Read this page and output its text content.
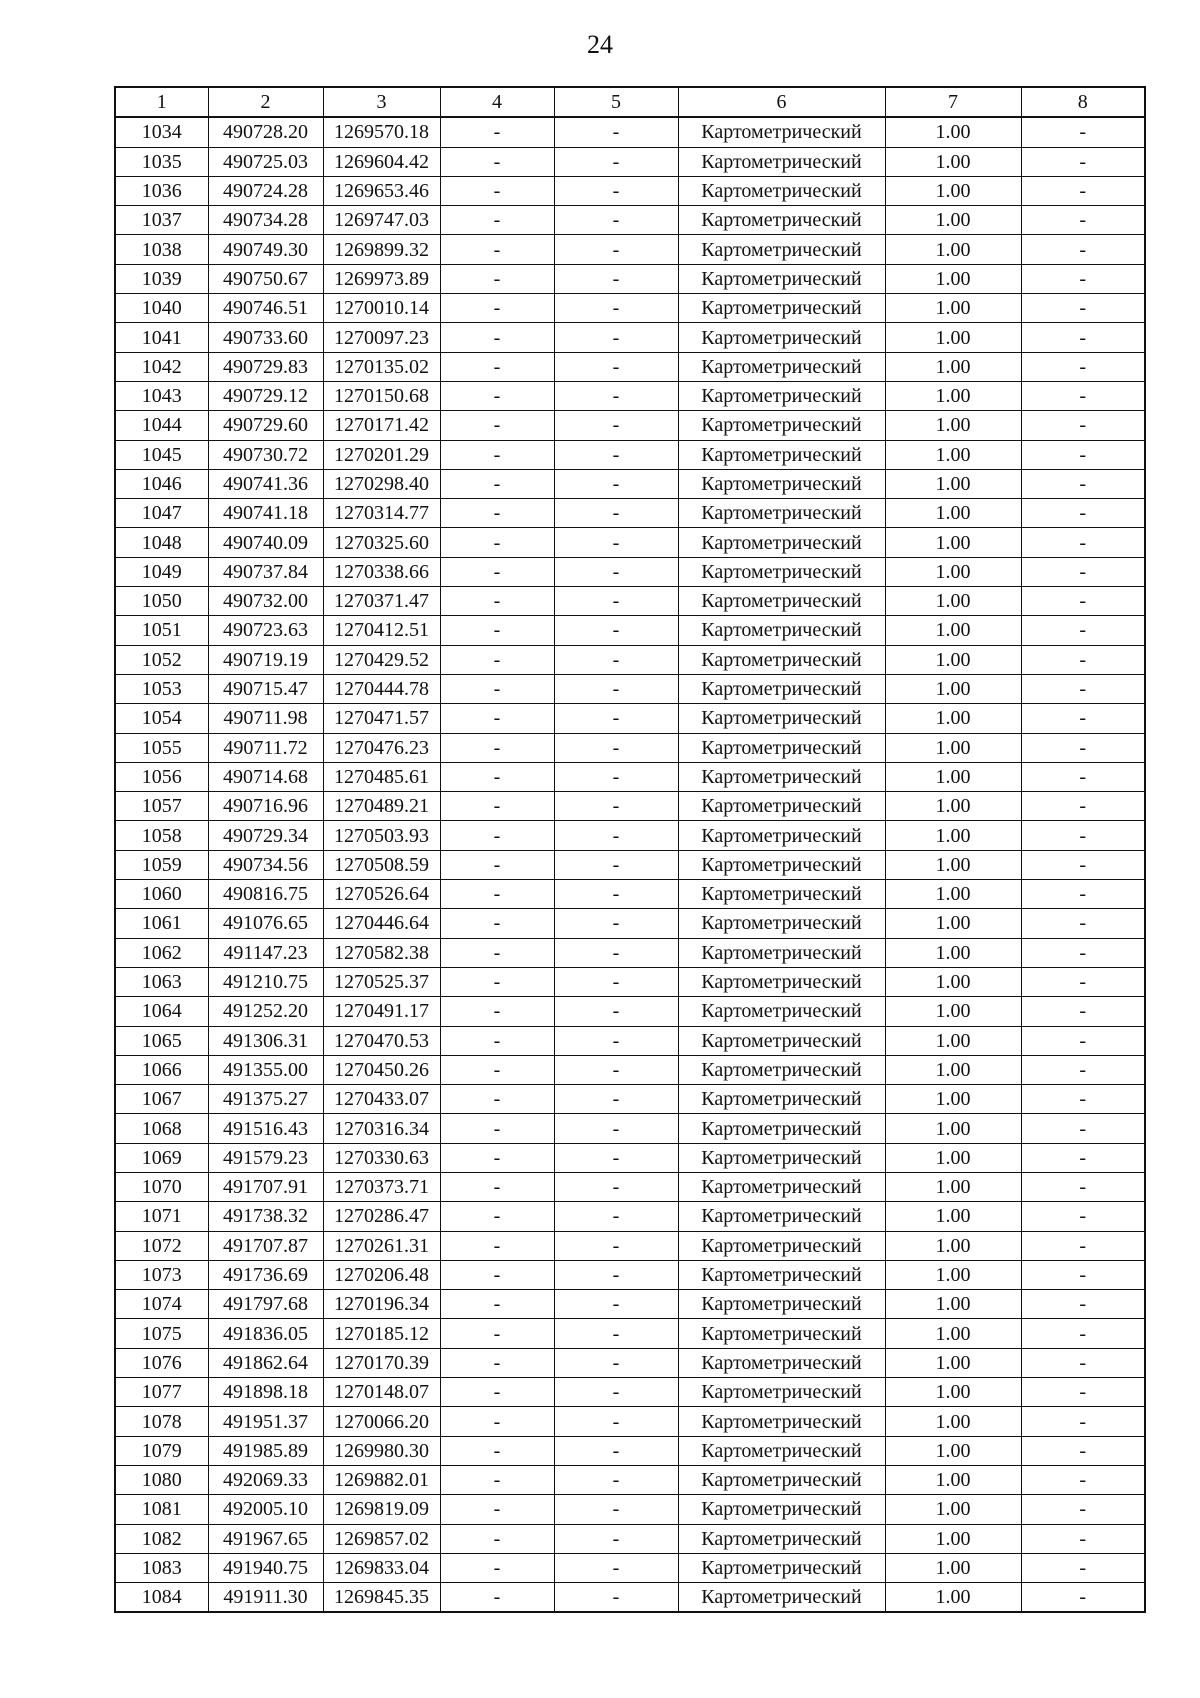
24
1	2	3	4	5	6	7	8
1034	490728.20	1269570.18	-	-	Картометрический	1.00	-
1035	490725.03	1269604.42	-	-	Картометрический	1.00	-
1036	490724.28	1269653.46	-	-	Картометрический	1.00	-
1037	490734.28	1269747.03	-	-	Картометрический	1.00	-
1038	490749.30	1269899.32	-	-	Картометрический	1.00	-
1039	490750.67	1269973.89	-	-	Картометрический	1.00	-
1040	490746.51	1270010.14	-	-	Картометрический	1.00	-
1041	490733.60	1270097.23	-	-	Картометрический	1.00	-
1042	490729.83	1270135.02	-	-	Картометрический	1.00	-
1043	490729.12	1270150.68	-	-	Картометрический	1.00	-
1044	490729.60	1270171.42	-	-	Картометрический	1.00	-
1045	490730.72	1270201.29	-	-	Картометрический	1.00	-
1046	490741.36	1270298.40	-	-	Картометрический	1.00	-
1047	490741.18	1270314.77	-	-	Картометрический	1.00	-
1048	490740.09	1270325.60	-	-	Картометрический	1.00	-
1049	490737.84	1270338.66	-	-	Картометрический	1.00	-
1050	490732.00	1270371.47	-	-	Картометрический	1.00	-
1051	490723.63	1270412.51	-	-	Картометрический	1.00	-
1052	490719.19	1270429.52	-	-	Картометрический	1.00	-
1053	490715.47	1270444.78	-	-	Картометрический	1.00	-
1054	490711.98	1270471.57	-	-	Картометрический	1.00	-
1055	490711.72	1270476.23	-	-	Картометрический	1.00	-
1056	490714.68	1270485.61	-	-	Картометрический	1.00	-
1057	490716.96	1270489.21	-	-	Картометрический	1.00	-
1058	490729.34	1270503.93	-	-	Картометрический	1.00	-
1059	490734.56	1270508.59	-	-	Картометрический	1.00	-
1060	490816.75	1270526.64	-	-	Картометрический	1.00	-
1061	491076.65	1270446.64	-	-	Картометрический	1.00	-
1062	491147.23	1270582.38	-	-	Картометрический	1.00	-
1063	491210.75	1270525.37	-	-	Картометрический	1.00	-
1064	491252.20	1270491.17	-	-	Картометрический	1.00	-
1065	491306.31	1270470.53	-	-	Картометрический	1.00	-
1066	491355.00	1270450.26	-	-	Картометрический	1.00	-
1067	491375.27	1270433.07	-	-	Картометрический	1.00	-
1068	491516.43	1270316.34	-	-	Картометрический	1.00	-
1069	491579.23	1270330.63	-	-	Картометрический	1.00	-
1070	491707.91	1270373.71	-	-	Картометрический	1.00	-
1071	491738.32	1270286.47	-	-	Картометрический	1.00	-
1072	491707.87	1270261.31	-	-	Картометрический	1.00	-
1073	491736.69	1270206.48	-	-	Картометрический	1.00	-
1074	491797.68	1270196.34	-	-	Картометрический	1.00	-
1075	491836.05	1270185.12	-	-	Картометрический	1.00	-
1076	491862.64	1270170.39	-	-	Картометрический	1.00	-
1077	491898.18	1270148.07	-	-	Картометрический	1.00	-
1078	491951.37	1270066.20	-	-	Картометрический	1.00	-
1079	491985.89	1269980.30	-	-	Картометрический	1.00	-
1080	492069.33	1269882.01	-	-	Картометрический	1.00	-
1081	492005.10	1269819.09	-	-	Картометрический	1.00	-
1082	491967.65	1269857.02	-	-	Картометрический	1.00	-
1083	491940.75	1269833.04	-	-	Картометрический	1.00	-
1084	491911.30	1269845.35	-	-	Картометрический	1.00	-
